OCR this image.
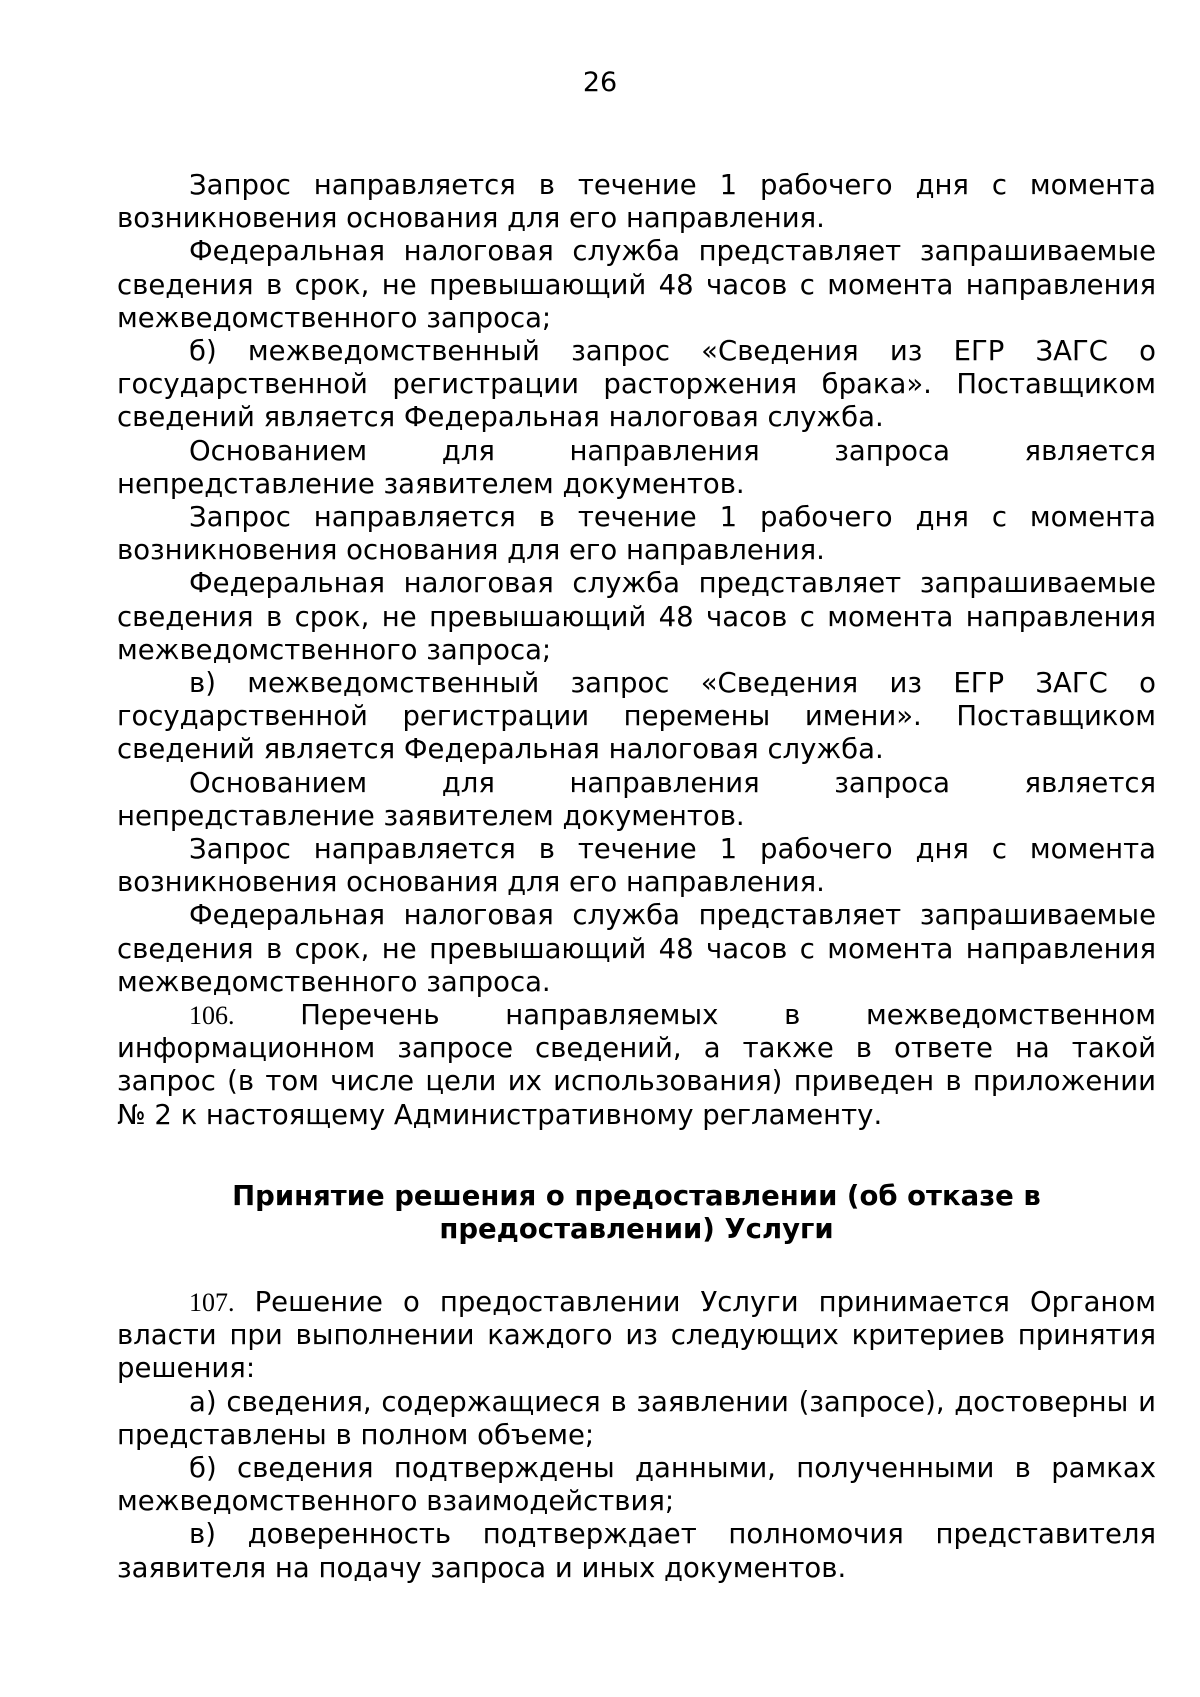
26

Запрос направляется в течение 1 рабочего дня с момента возникновения основания для его направления.

Федеральная налоговая служба представляет запрашиваемые сведения в срок, не превышающий 48 часов с момента направления межведомственного запроса;

б) межведомственный запрос «Сведения из ЕГР ЗАГС о государственной регистрации расторжения брака». Поставщиком сведений является Федеральная налоговая служба.

Основанием для направления запроса является непредставление заявителем документов.

Запрос направляется в течение 1 рабочего дня с момента возникновения основания для его направления.

Федеральная налоговая служба представляет запрашиваемые сведения в срок, не превышающий 48 часов с момента направления межведомственного запроса;

в) межведомственный запрос «Сведения из ЕГР ЗАГС о государственной регистрации перемены имени». Поставщиком сведений является Федеральная налоговая служба.

Основанием для направления запроса является непредставление заявителем документов.

Запрос направляется в течение 1 рабочего дня с момента возникновения основания для его направления.

Федеральная налоговая служба представляет запрашиваемые сведения в срок, не превышающий 48 часов с момента направления межведомственного запроса.

106. Перечень направляемых в межведомственном информационном запросе сведений, а также в ответе на такой запрос (в том числе цели их использования) приведен в приложении № 2 к настоящему Административному регламенту.

Принятие решения о предоставлении (об отказе в
предоставлении) Услуги

107. Решение о предоставлении Услуги принимается Органом власти при выполнении каждого из следующих критериев принятия решения:

а) сведения, содержащиеся в заявлении (запросе), достоверны и представлены в полном объеме;

б) сведения подтверждены данными, полученными в рамках межведомственного взаимодействия;

в) доверенность подтверждает полномочия представителя заявителя на подачу запроса и иных документов.
